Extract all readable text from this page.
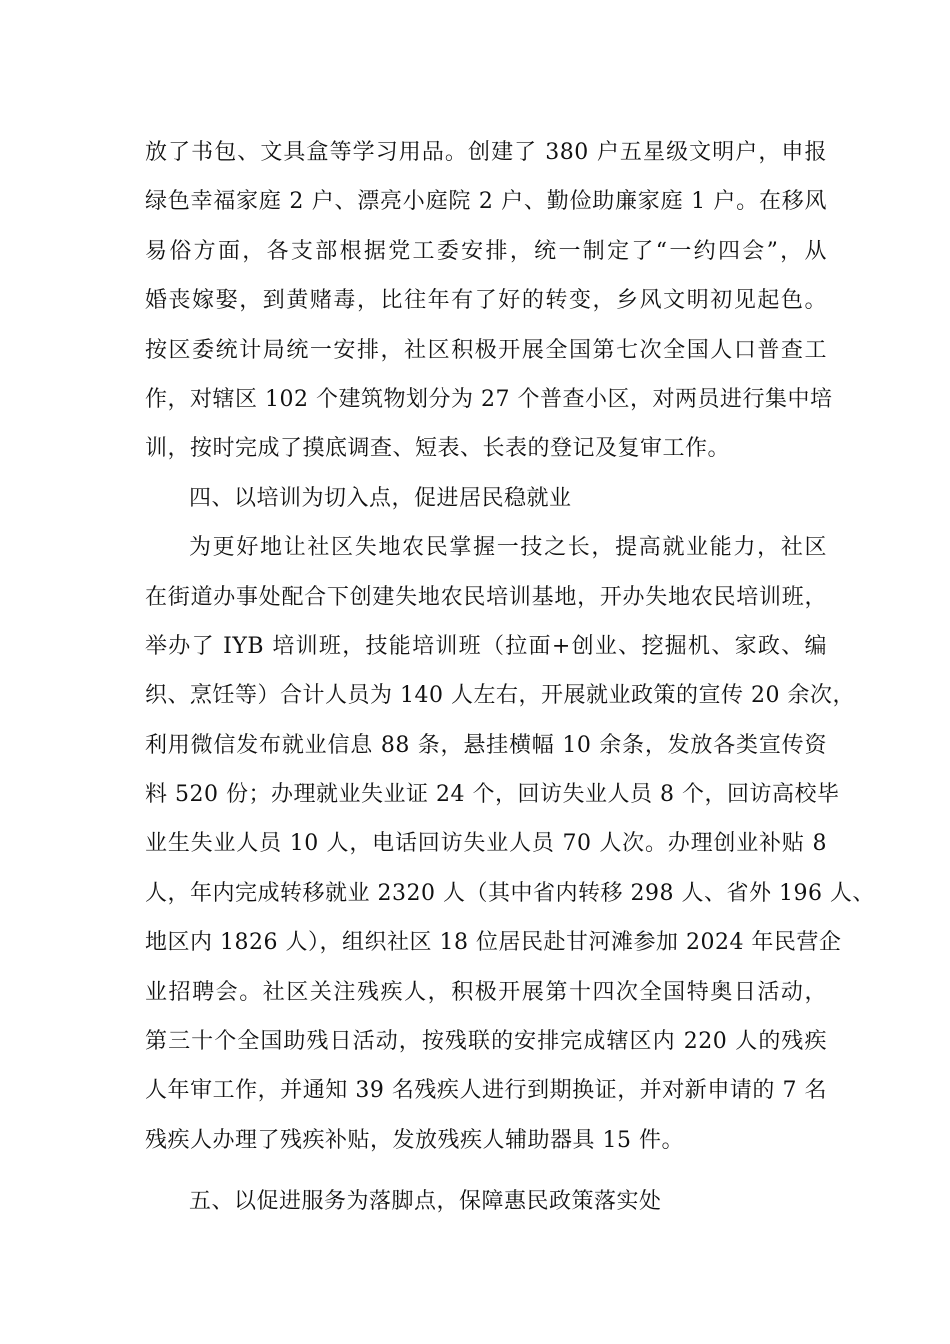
放了书包、文具盒等学习用品。创建了 380 户五星级文明户，申报
绿色幸福家庭 2 户、漂亮小庭院 2 户、勤俭助廉家庭 1 户。在移风
易俗方面，各支部根据党工委安排，统一制定了“一约四会”，从
婚丧嫁娶，到黄赌毒，比往年有了好的转变，乡风文明初见起色。
按区委统计局统一安排，社区积极开展全国第七次全国人口普查工
作，对辖区 102 个建筑物划分为 27 个普查小区，对两员进行集中培
训，按时完成了摸底调查、短表、长表的登记及复审工作。
四、以培训为切入点，促进居民稳就业
为更好地让社区失地农民掌握一技之长，提高就业能力，社区
在街道办事处配合下创建失地农民培训基地，开办失地农民培训班，
举办了 IYB 培训班，技能培训班（拉面+创业、挖掘机、家政、编
织、烹饪等）合计人员为 140 人左右，开展就业政策的宣传 20 余次，
利用微信发布就业信息 88 条，悬挂横幅 10 余条，发放各类宣传资
料 520 份；办理就业失业证 24 个，回访失业人员 8 个，回访高校毕
业生失业人员 10 人，电话回访失业人员 70 人次。办理创业补贴 8
人，年内完成转移就业 2320 人（其中省内转移 298 人、省外 196 人、
地区内 1826 人），组织社区 18 位居民赴甘河滩参加 2024 年民营企
业招聘会。社区关注残疾人，积极开展第十四次全国特奥日活动，
第三十个全国助残日活动，按残联的安排完成辖区内 220 人的残疾
人年审工作，并通知 39 名残疾人进行到期换证，并对新申请的 7 名
残疾人办理了残疾补贴，发放残疾人辅助器具 15 件。
五、以促进服务为落脚点，保障惠民政策落实处
